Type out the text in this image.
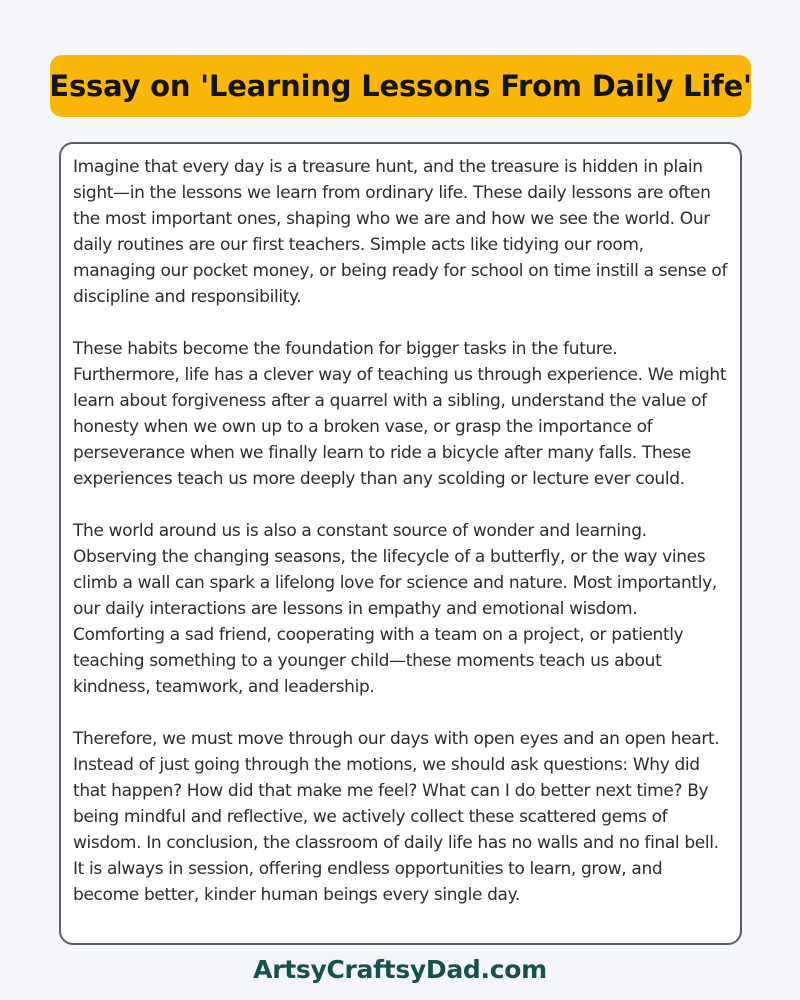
Essay on 'Learning Lessons From Daily Life'

Imagine that every day is a treasure hunt, and the treasure is hidden in plain sight—in the lessons we learn from ordinary life. These daily lessons are often the most important ones, shaping who we are and how we see the world. Our daily routines are our first teachers. Simple acts like tidying our room, managing our pocket money, or being ready for school on time instill a sense of discipline and responsibility.

These habits become the foundation for bigger tasks in the future. Furthermore, life has a clever way of teaching us through experience. We might learn about forgiveness after a quarrel with a sibling, understand the value of honesty when we own up to a broken vase, or grasp the importance of perseverance when we finally learn to ride a bicycle after many falls. These experiences teach us more deeply than any scolding or lecture ever could.

The world around us is also a constant source of wonder and learning. Observing the changing seasons, the lifecycle of a butterfly, or the way vines climb a wall can spark a lifelong love for science and nature. Most importantly, our daily interactions are lessons in empathy and emotional wisdom. Comforting a sad friend, cooperating with a team on a project, or patiently teaching something to a younger child—these moments teach us about kindness, teamwork, and leadership.

Therefore, we must move through our days with open eyes and an open heart. Instead of just going through the motions, we should ask questions: Why did that happen? How did that make me feel? What can I do better next time? By being mindful and reflective, we actively collect these scattered gems of wisdom. In conclusion, the classroom of daily life has no walls and no final bell. It is always in session, offering endless opportunities to learn, grow, and become better, kinder human beings every single day.

ArtsyCraftsyDad.com
